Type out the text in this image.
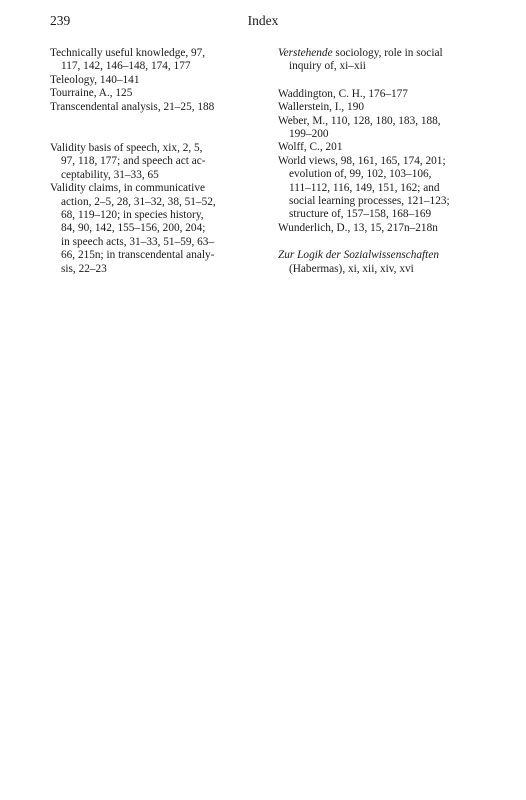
239	Index
Technically useful knowledge, 97,
117, 142, 146–148, 174, 177
Teleology, 140–141
Tourraine, A., 125
Transcendental analysis, 21–25, 188
Validity basis of speech, xix, 2, 5,
97, 118, 177; and speech act ac-
ceptability, 31–33, 65
Validity claims, in communicative
action, 2–5, 28, 31–32, 38, 51–52,
68, 119–120; in species history,
84, 90, 142, 155–156, 200, 204;
in speech acts, 31–33, 51–59, 63–
66, 215n; in transcendental analy-
sis, 22–23
Verstehende sociology, role in social
inquiry of, xi–xii
Waddington, C. H., 176–177
Wallerstein, I., 190
Weber, M., 110, 128, 180, 183, 188,
199–200
Wolff, C., 201
World views, 98, 161, 165, 174, 201;
evolution of, 99, 102, 103–106,
111–112, 116, 149, 151, 162; and
social learning processes, 121–123;
structure of, 157–158, 168–169
Wunderlich, D., 13, 15, 217n–218n
Zur Logik der Sozialwissenschaften
(Habermas), xi, xii, xiv, xvi
